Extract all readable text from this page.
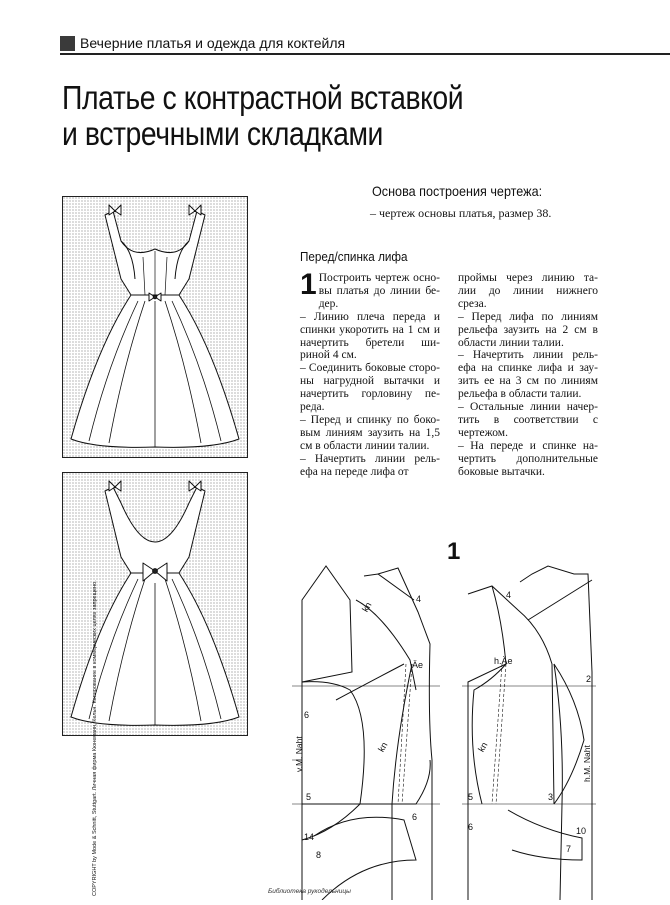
Вечерние платья и одежда для коктейля
Платье с контрастной вставкой
и встречными складками
Основа построения чертежа:
– чертеж основы платья, размер 38.
Перед/спинка лифа
1 Построить чертеж осно- вы платья до линии бе- дер.

– Линию плеча переда и спинки укоротить на 1 см и начертить бретели ши- риной 4 см.

– Соединить боковые сторо- ны нагрудной вытачки и начертить горловину пе- реда.

– Перед и спинку по боко- вым линиям заузить на 1,5 см в области линии талии.

– Начертить линии рель- ефа на переде лифа от

проймы через линию та- лии до линии нижнего среза.

– Перед лифа по линиям рельефа заузить на 2 см в области линии талии.

– Начертить линии рель- ефа на спинке лифа и зау- зить ее на 3 см по линиям рельефа в области талии.

– Остальные линии начер- тить в соответствии с чертежом.

– На переде и спинке на- чертить дополнительные боковые вытачки.

1
kn
Äe
kn
v.M. Naht
h.Äe
kn	h.M. Naht
5	5	3
2
4
4
6
6
14
8
6	10
7
COPYRIGHT by Mode & Schnitt, Stuttgart. Личная фирма Кюнеманн, Кельн. Копирование в коммерческих целях запрещено.	Библиотека рукодельницы
